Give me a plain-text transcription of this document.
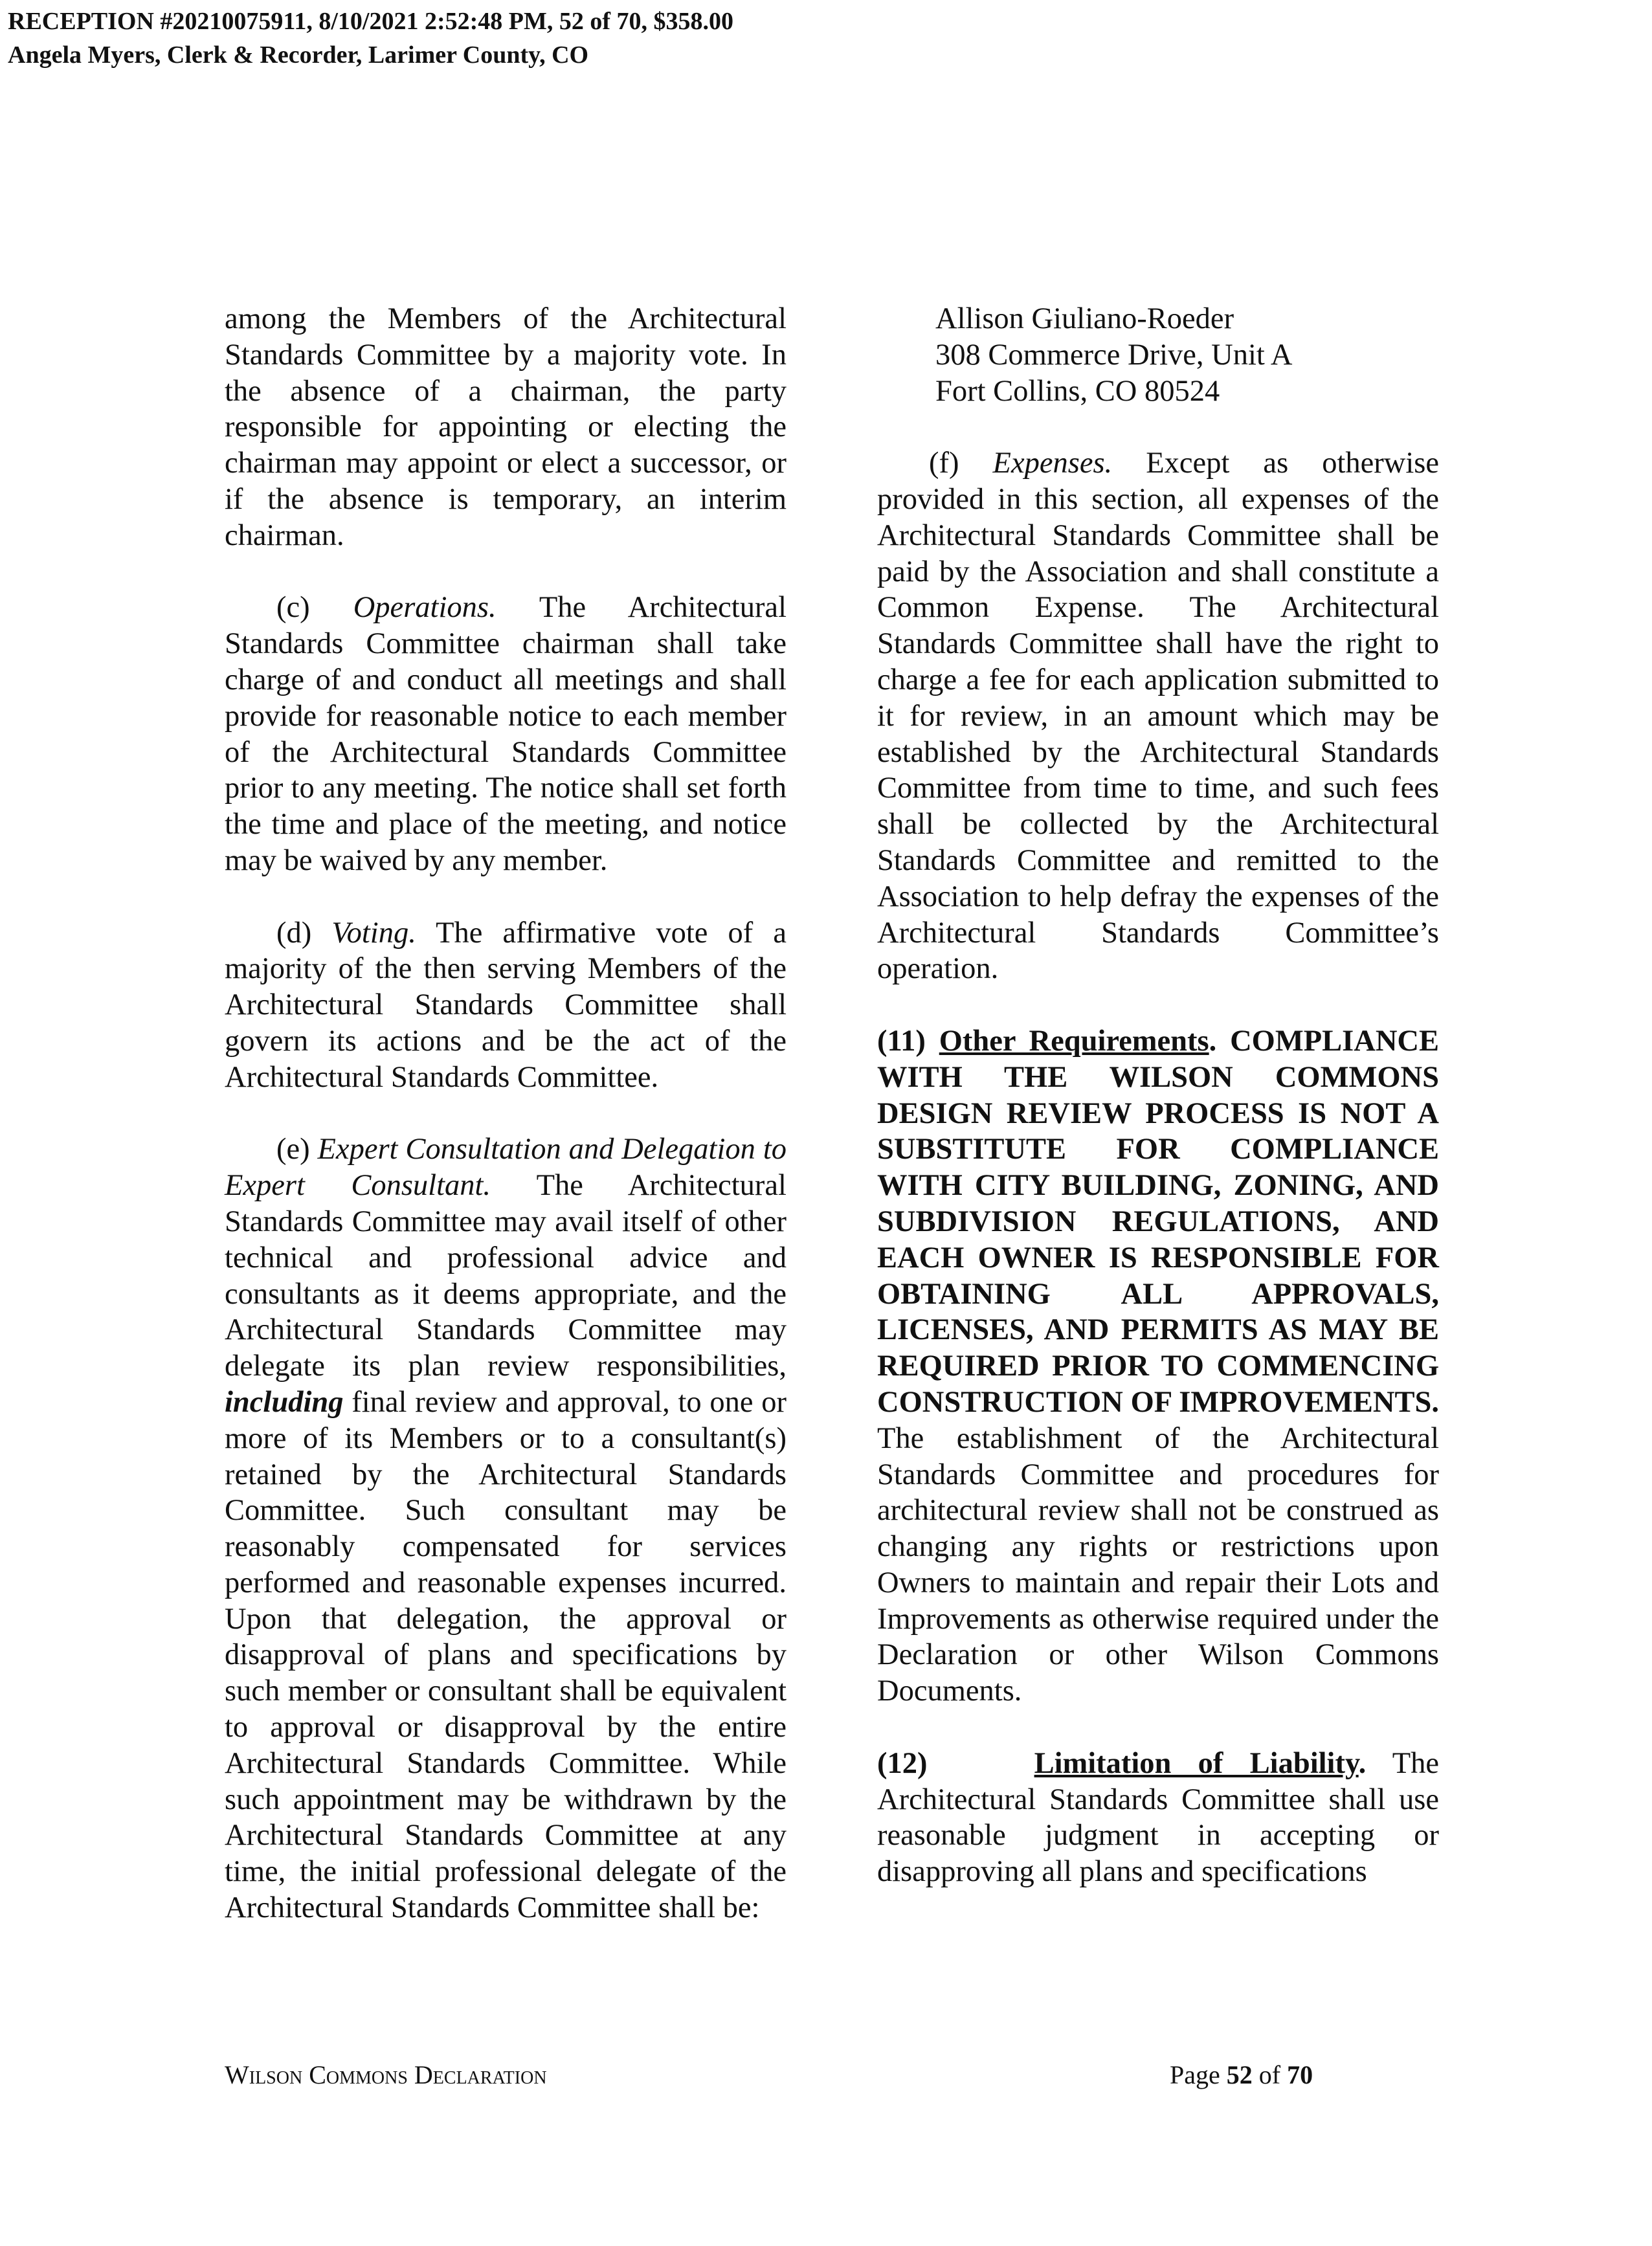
RECEPTION #20210075911, 8/10/2021 2:52:48 PM, 52 of 70, $358.00
Angela Myers, Clerk & Recorder, Larimer County, CO

among the Members of the Architectural Standards Committee by a majority vote. In the absence of a chairman, the party responsible for appointing or electing the chairman may appoint or elect a successor, or if the absence is temporary, an interim chairman.

(c) Operations. The Architectural Standards Committee chairman shall take charge of and conduct all meetings and shall provide for reasonable notice to each member of the Architectural Standards Committee prior to any meeting. The notice shall set forth the time and place of the meeting, and notice may be waived by any member.

(d) Voting. The affirmative vote of a majority of the then serving Members of the Architectural Standards Committee shall govern its actions and be the act of the Architectural Standards Committee.

(e) Expert Consultation and Delegation to Expert Consultant. The Architectural Standards Committee may avail itself of other technical and professional advice and consultants as it deems appropriate, and the Architectural Standards Committee may delegate its plan review responsibilities, including final review and approval, to one or more of its Members or to a consultant(s) retained by the Architectural Standards Committee. Such consultant may be reasonably compensated for services performed and reasonable expenses incurred. Upon that delegation, the approval or disapproval of plans and specifications by such member or consultant shall be equivalent to approval or disapproval by the entire Architectural Standards Committee. While such appointment may be withdrawn by the Architectural Standards Committee at any time, the initial professional delegate of the Architectural Standards Committee shall be:

Allison Giuliano-Roeder

308 Commerce Drive, Unit A

Fort Collins, CO 80524

(f) Expenses. Except as otherwise provided in this section, all expenses of the Architectural Standards Committee shall be paid by the Association and shall constitute a Common Expense. The Architectural Standards Committee shall have the right to charge a fee for each application submitted to it for review, in an amount which may be established by the Architectural Standards Committee from time to time, and such fees shall be collected by the Architectural Standards Committee and remitted to the Association to help defray the expenses of the Architectural Standards Committee’s operation.

(11) Other Requirements. COMPLIANCE WITH THE WILSON COMMONS DESIGN REVIEW PROCESS IS NOT A SUBSTITUTE FOR COMPLIANCE WITH CITY BUILDING, ZONING, AND SUBDIVISION REGULATIONS, AND EACH OWNER IS RESPONSIBLE FOR OBTAINING ALL APPROVALS, LICENSES, AND PERMITS AS MAY BE REQUIRED PRIOR TO COMMENCING CONSTRUCTION OF IMPROVEMENTS. The establishment of the Architectural Standards Committee and procedures for architectural review shall not be construed as changing any rights or restrictions upon Owners to maintain and repair their Lots and Improvements as otherwise required under the Declaration or other Wilson Commons Documents.

(12)	Limitation of Liability. The Architectural Standards Committee shall use reasonable judgment in accepting or disapproving all plans and specifications

Wilson Commons Declaration	Page 52 of 70
